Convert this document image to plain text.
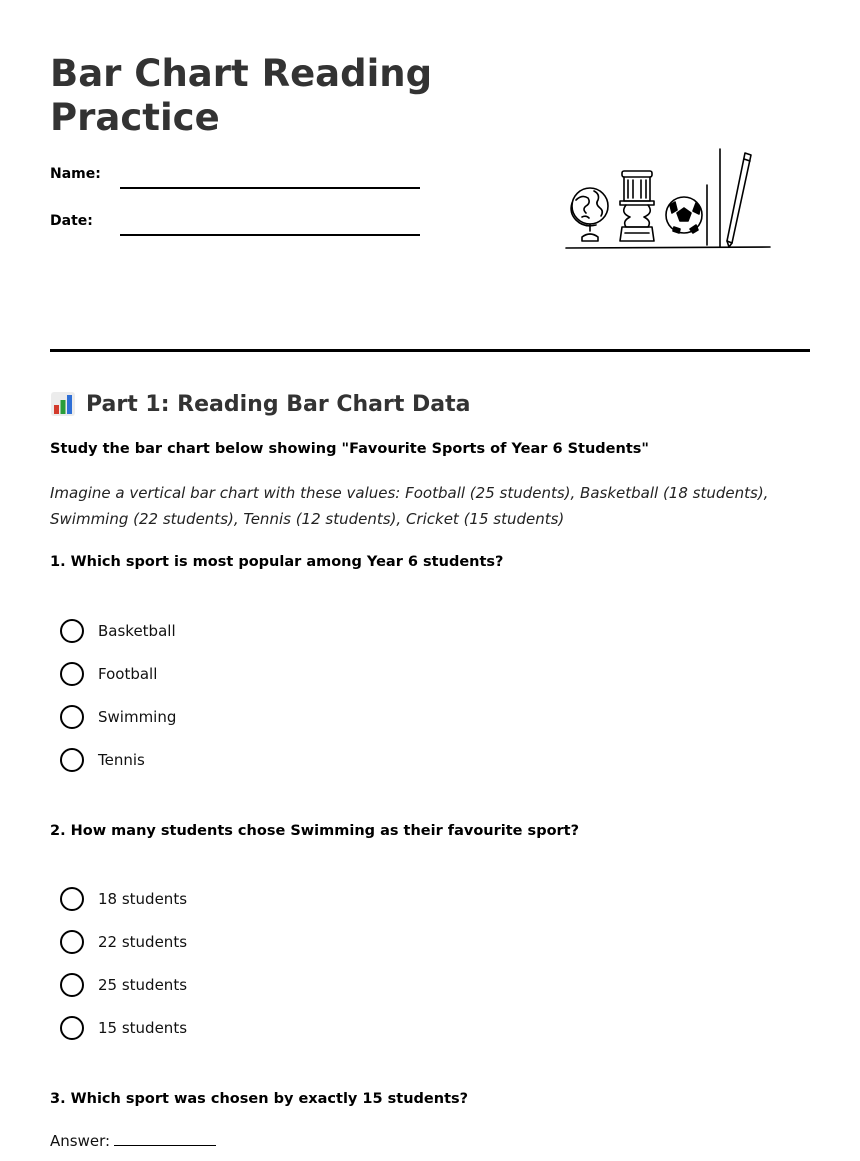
Bar Chart Reading Practice
Name:
Date:
Part 1: Reading Bar Chart Data

Study the bar chart below showing "Favourite Sports of Year 6 Students"

Imagine a vertical bar chart with these values: Football (25 students), Basketball (18 students), Swimming (22 students), Tennis (12 students), Cricket (15 students)

1. Which sport is most popular among Year 6 students?

Basketball
Football
Swimming
Tennis

2. How many students chose Swimming as their favourite sport?

18 students
22 students
25 students
15 students

3. Which sport was chosen by exactly 15 students?

Answer:
